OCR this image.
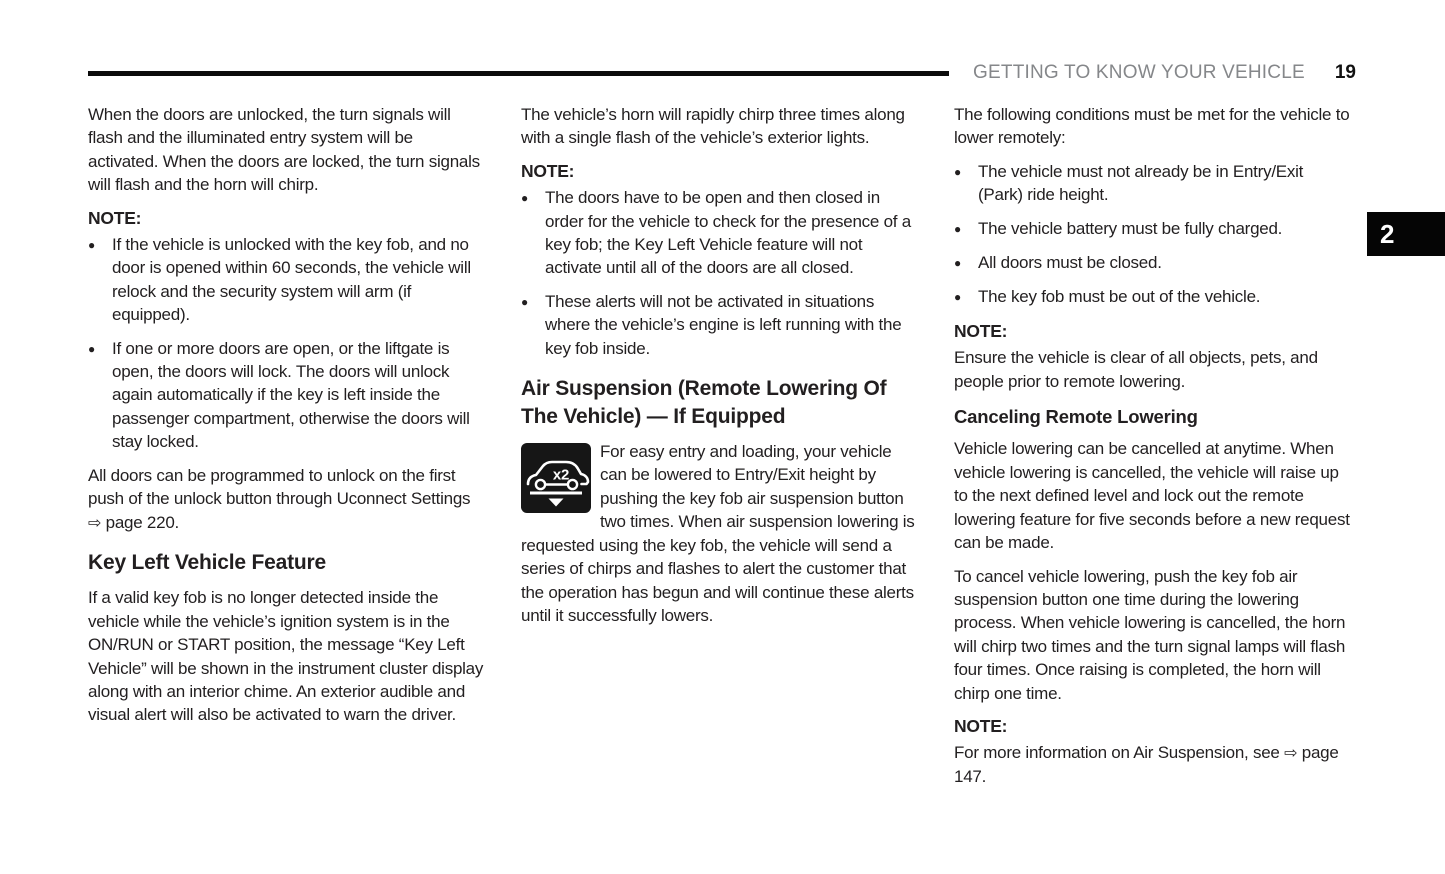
GETTING TO KNOW YOUR VEHICLE 19
2

When the doors are unlocked, the turn signals will flash and the illuminated entry system will be activated. When the doors are locked, the turn signals will flash and the horn will chirp.

NOTE:
●	If the vehicle is unlocked with the key fob, and no door is opened within 60 seconds, the vehicle will relock and the security system will arm (if equipped).
●	If one or more doors are open, or the liftgate is open, the doors will lock. The doors will unlock again automatically if the key is left inside the passenger compartment, otherwise the doors will stay locked.

All doors can be programmed to unlock on the first push of the unlock button through Uconnect Settings ⇨ page 220.

Key Left Vehicle Feature

If a valid key fob is no longer detected inside the vehicle while the vehicle’s ignition system is in the ON/RUN or START position, the message “Key Left Vehicle” will be shown in the instrument cluster display along with an interior chime. An exterior audible and visual alert will also be activated to warn the driver.

The vehicle’s horn will rapidly chirp three times along with a single flash of the vehicle’s exterior lights.

NOTE:
●	The doors have to be open and then closed in order for the vehicle to check for the presence of a key fob; the Key Left Vehicle feature will not activate until all of the doors are all closed.
●	These alerts will not be activated in situations where the vehicle’s engine is left running with the key fob inside.
Air Suspension (Remote Lowering Of The Vehicle) — If Equipped

x2
For easy entry and loading, your vehicle can be lowered to Entry/Exit height by pushing the key fob air suspension button two times. When air suspension lowering is requested using the key fob, the vehicle will send a series of chirps and flashes to alert the customer that the operation has begun and will continue these alerts until it successfully lowers.

The following conditions must be met for the vehicle to lower remotely:

●	The vehicle must not already be in Entry/Exit (Park) ride height.
●	The vehicle battery must be fully charged.
●	All doors must be closed.
●	The key fob must be out of the vehicle.
NOTE:

Ensure the vehicle is clear of all objects, pets, and people prior to remote lowering.

Canceling Remote Lowering

Vehicle lowering can be cancelled at anytime. When vehicle lowering is cancelled, the vehicle will raise up to the next defined level and lock out the remote lowering feature for five seconds before a new request can be made.

To cancel vehicle lowering, push the key fob air suspension button one time during the lowering process. When vehicle lowering is cancelled, the horn will chirp two times and the turn signal lamps will flash four times. Once raising is completed, the horn will chirp one time.

NOTE:

For more information on Air Suspension, see ⇨ page 147.
